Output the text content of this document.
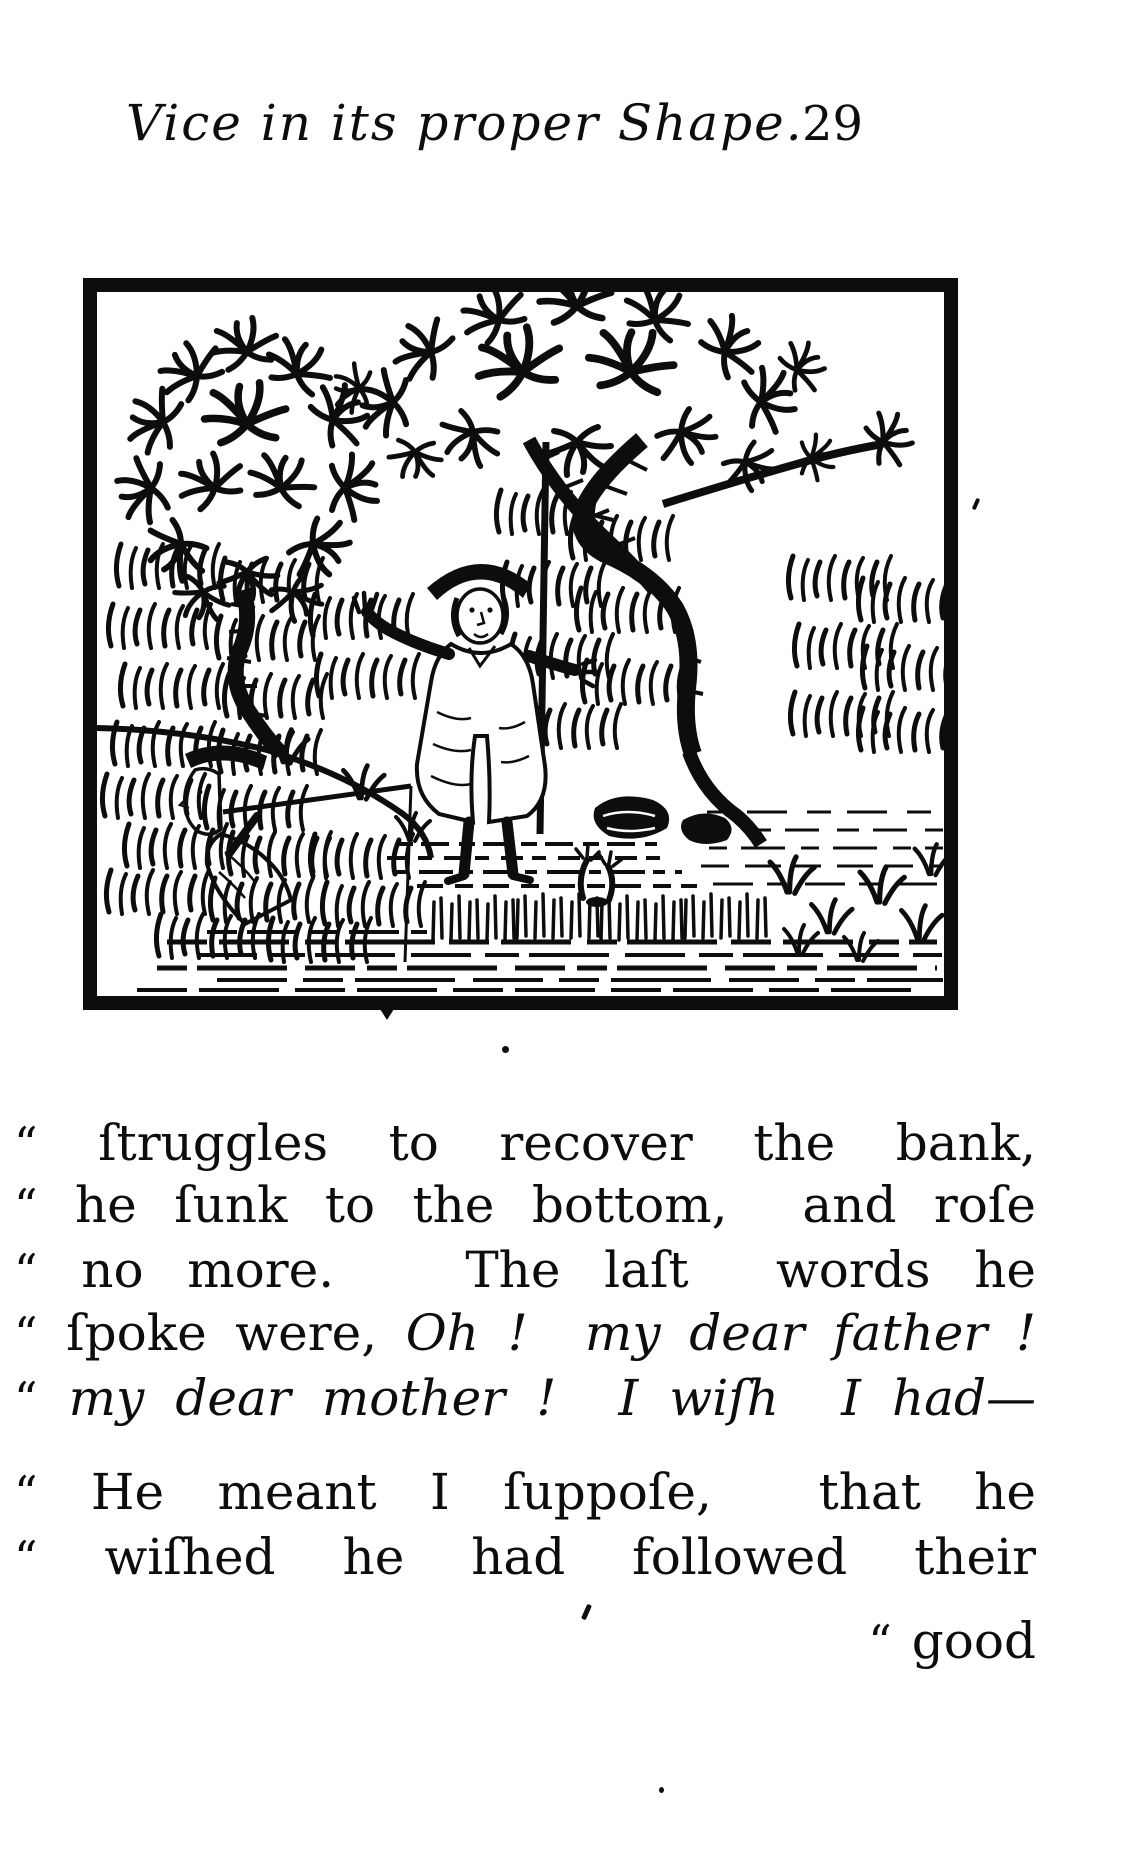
Vice in its proper Shape.
29

“ ſtruggles to recover the bank,

“ he ſunk to the bottom,  and roſe

“ no more.   The laſt  words he

“ ſpoke were, Oh !  my dear father !

“ my dear mother !  I wiſh  I had—

“ He meant I ſuppoſe,  that he

“ wiſhed he had followed their

“ good
